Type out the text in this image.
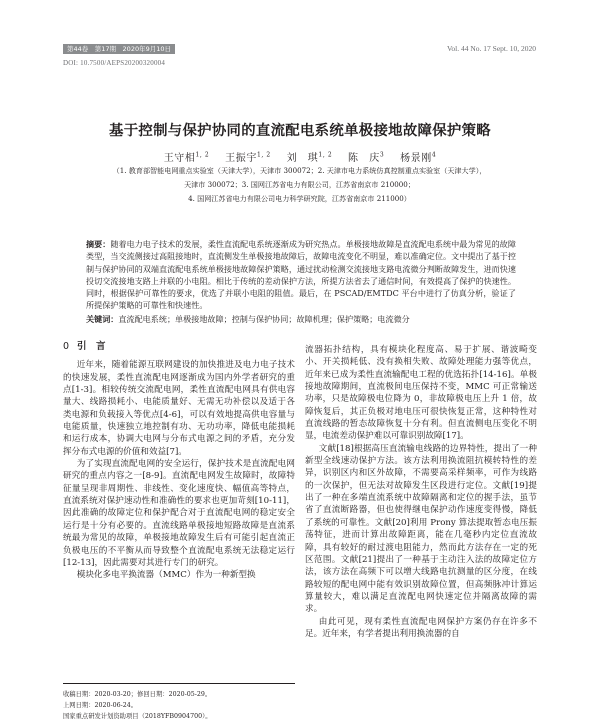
第44卷　第17期　2020年9月10日	Vol. 44 No. 17 Sept. 10, 2020
DOI: 10.7500/AEPS20200320004
基于控制与保护协同的直流配电系统单极接地故障保护策略
王守相$^{1, 2}$ 王振宇$^{1, 2}$ 刘　琪$^{1, 2}$ 陈　庆$^3$ 杨景刚$^4$
（1. 教育部智能电网重点实验室（天津大学），天津市 300072；2. 天津市电力系统仿真控制重点实验室（天津大学），
天津市 300072；3. 国网江苏省电力有限公司，江苏省南京市 210000；
4. 国网江苏省电力有限公司电力科学研究院，江苏省南京市 211000）
摘要：随着电力电子技术的发展，柔性直流配电系统逐渐成为研究热点。单极接地故障是直流配电系统中最为常见的故障类型，当交流侧接过高阻接地时，直流侧发生单极接地故障后，故障电流变化不明显，难以准确定位。文中提出了基于控制与保护协同的双端直流配电系统单极接地故障保护策略，通过扰动检测交流接地支路电流微分判断故障发生，进而快速投切交流接地支路上并联的小电阻。相比于传统的差动保护方法，所提方法省去了通信时间，有效提高了保护的快速性。同时，根据保护可靠性的要求，优选了并联小电阻的阻值。最后，在 PSCAD/EMTDC 平台中进行了仿真分析，验证了所提保护策略的可靠性和快速性。
关键词：直流配电系统；单极接地故障；控制与保护协同；故障机理；保护策略；电流微分
0 引　言

近年来，随着能源互联网建设的加快推进及电力电子技术的快速发展，柔性直流配电网逐渐成为国内外学者研究的重点[1-3]。相较传统交流配电网，柔性直流配电网具有供电容量大、线路损耗小、电能质量好、无需无功补偿以及适于各类电源和负载接入等优点[4-6]，可以有效地提高供电容量与电能质量，快速独立地控制有功、无功功率，降低电能损耗和运行成本，协调大电网与分布式电源之间的矛盾，充分发挥分布式电源的价值和效益[7]。

为了实现直流配电网的安全运行，保护技术是直流配电网研究的重点内容之一[8-9]。直流配电网发生故障时，故障特征量呈现非周期性、非线性、变化速度快、幅值高等特点，直流系统对保护速动性和准确性的要求也更加苛刻[10-11]，因此准确的故障定位和保护配合对于直流配电网的稳定安全运行是十分有必要的。直流线路单极接地短路故障是直流系统最为常见的故障，单极接地故障发生后有可能引起直流正负极电压的不平衡从而导致整个直流配电系统无法稳定运行[12-13]，因此需要对其进行专门的研究。

模块化多电平换流器（MMC）作为一种新型换

流器拓扑结构，具有模块化程度高、易于扩展、谐波畸变小、开关损耗低、没有换相失败、故障处理能力强等优点，近年来已成为柔性直流输配电工程的优选拓扑[14-16]。单极接地故障期间，直流极间电压保持不变，MMC 可正常输送功率，只是故障极电位降为 0，非故障极电压上升 1 倍，故障恢复后，其正负极对地电压可很快恢复正常，这种特性对直流线路的暂态故障恢复十分有利。但直流侧电压变化不明显，电流差动保护难以可靠识别故障[17]。

文献[18]根据高压直流输电线路的边界特性，提出了一种新型全线速动保护方法。该方法利用换流阻抗模转特性的差异，识别区内和区外故障，不需要高采样频率，可作为线路的一次保护，但无法对故障发生区段进行定位。文献[19]提出了一种在多端直流系统中故障隔离和定位的握手法，虽节省了直流断路器，但也使得继电保护动作速度变得慢，降低了系统的可靠性。文献[20]利用 Prony 算法提取暂态电压振荡特征，进而计算出故障距离，能在几毫秒内定位直流故障，具有较好的耐过渡电阻能力，然而此方法存在一定的死区范围。文献[21]提出了一种基于主动注入法的故障定位方法，该方法在高频下可以增大线路电抗测量的区分度，在线路较短的配电网中能有效识别故障位置，但高频脉冲计算运算量较大，难以满足直流配电网快速定位并隔离故障的需求。

由此可见，现有柔性直流配电网保护方案仍存在许多不足。近年来，有学者提出利用换流器的自

收稿日期：2020-03-20；修回日期：2020-05-29。
上网日期：2020-06-24。
国家重点研发计划资助项目（2018YFB0904700）。
